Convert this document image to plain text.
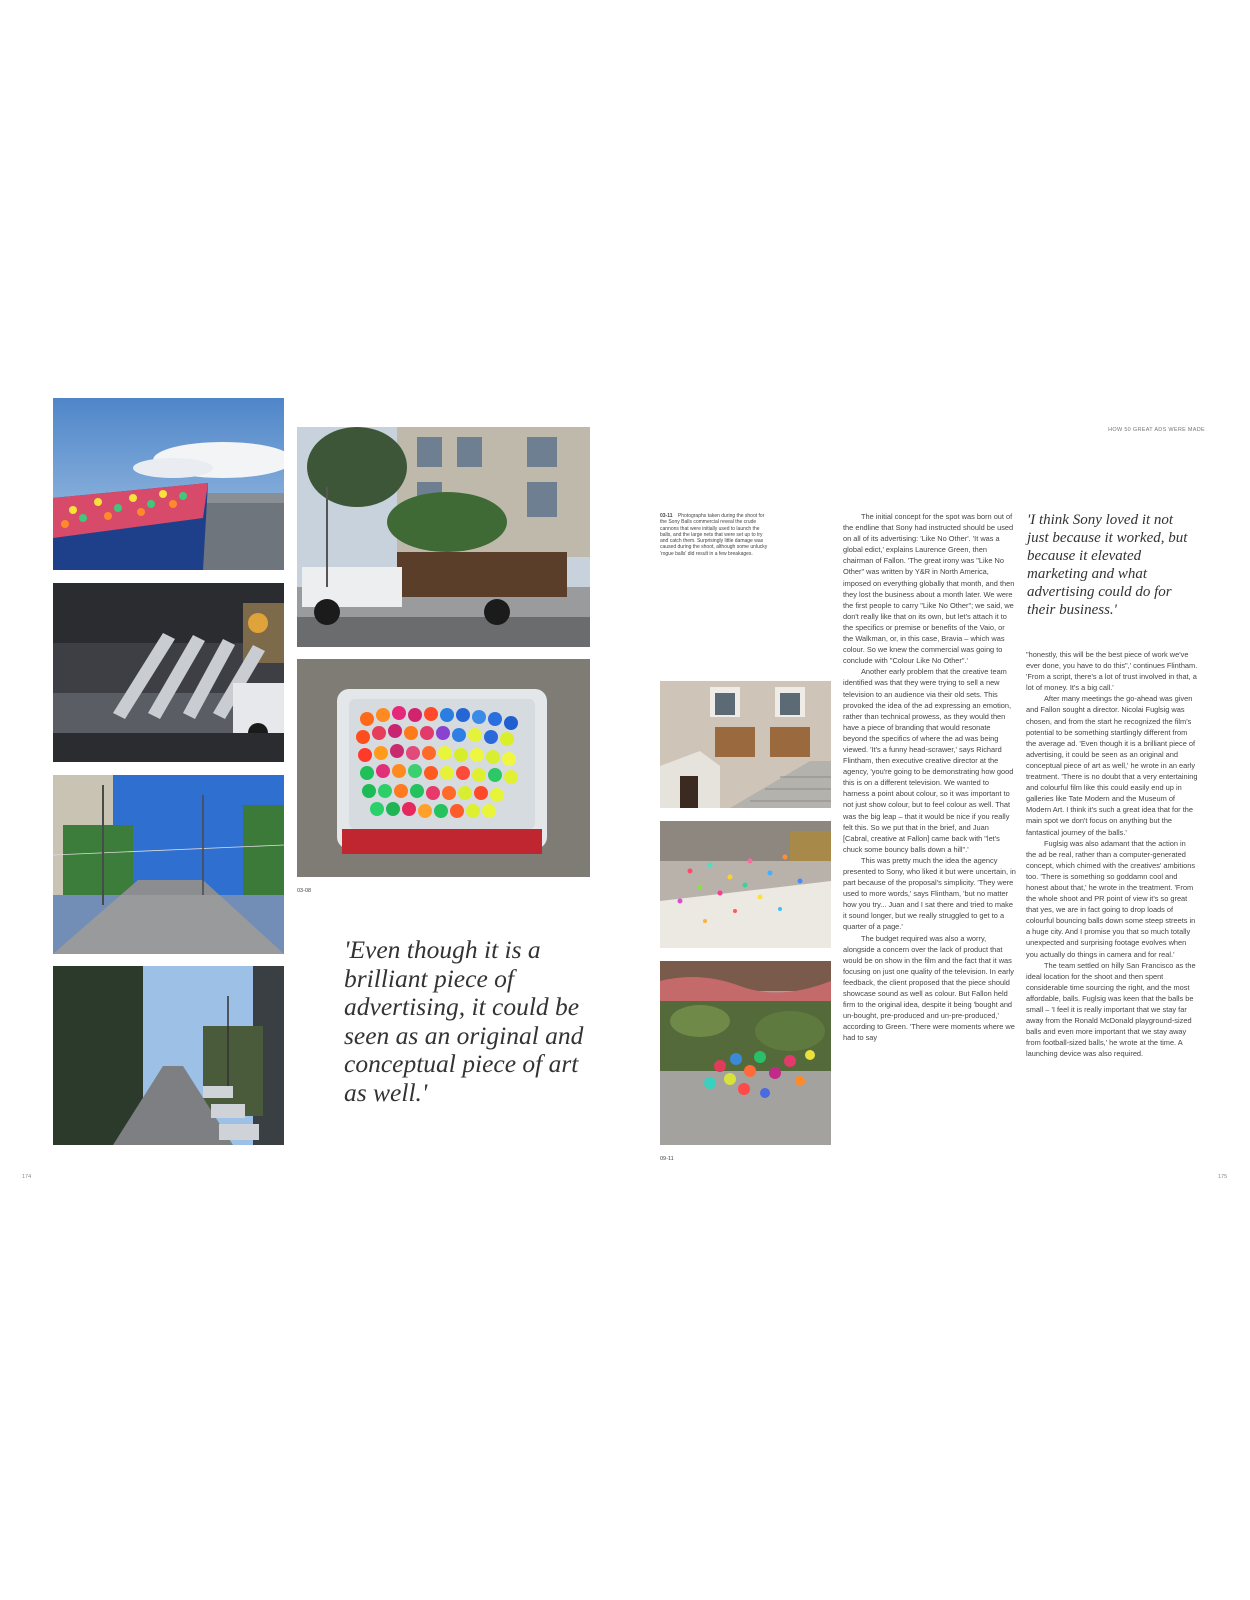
03-08
'Even though it is a brilliant piece of advertising, it could be seen as an original and conceptual piece of art as well.'
174
HOW 50 GREAT ADS WERE MADE
03-11 Photographs taken during the shoot for the Sony Balls commercial reveal the crude cannons that were initially used to launch the balls, and the large nets that were set up to try and catch them. Surprisingly little damage was caused during the shoot, although some unlucky 'rogue balls' did result in a few breakages.
09-11

The initial concept for the spot was born out of the endline that Sony had instructed should be used on all of its advertising: 'Like No Other'. 'It was a global edict,' explains Laurence Green, then chairman of Fallon. 'The great irony was "Like No Other" was written by Y&R in North America, imposed on everything globally that month, and then they lost the business about a month later. We were the first people to carry "Like No Other"; we said, we don't really like that on its own, but let's attach it to the specifics or premise or benefits of the Vaio, or the Walkman, or, in this case, Bravia – which was colour. So we knew the commercial was going to conclude with "Colour Like No Other".'

Another early problem that the creative team identified was that they were trying to sell a new television to an audience via their old sets. This provoked the idea of the ad expressing an emotion, rather than technical prowess, as they would then have a piece of branding that would resonate beyond the specifics of where the ad was being viewed. 'It's a funny head-scrawer,' says Richard Flintham, then executive creative director at the agency, 'you're going to be demonstrating how good this is on a different television. We wanted to harness a point about colour, so it was important to not just show colour, but to feel colour as well. That was the big leap – that it would be nice if you really felt this. So we put that in the brief, and Juan [Cabral, creative at Fallon] came back with "let's chuck some bouncy balls down a hill".'

This was pretty much the idea the agency presented to Sony, who liked it but were uncertain, in part because of the proposal's simplicity. 'They were used to more words,' says Flintham, 'but no matter how you try... Juan and I sat there and tried to make it sound longer, but we really struggled to get to a quarter of a page.'

The budget required was also a worry, alongside a concern over the lack of product that would be on show in the film and the fact that it was focusing on just one quality of the television. In early feedback, the client proposed that the piece should showcase sound as well as colour. But Fallon held firm to the original idea, despite it being 'bought and un-bought, pre-produced and un-pre-produced,' according to Green. 'There were moments where we had to say

'I think Sony loved it not just because it worked, but because it elevated marketing and what advertising could do for their business.'

"honestly, this will be the best piece of work we've ever done, you have to do this",' continues Flintham. 'From a script, there's a lot of trust involved in that, a lot of money. It's a big call.'

After many meetings the go-ahead was given and Fallon sought a director. Nicolai Fuglsig was chosen, and from the start he recognized the film's potential to be something startlingly different from the average ad. 'Even though it is a brilliant piece of advertising, it could be seen as an original and conceptual piece of art as well,' he wrote in an early treatment. 'There is no doubt that a very entertaining and colourful film like this could easily end up in galleries like Tate Modern and the Museum of Modern Art. I think it's such a great idea that for the main spot we don't focus on anything but the fantastical journey of the balls.'

Fuglsig was also adamant that the action in the ad be real, rather than a computer-generated concept, which chimed with the creatives' ambitions too. 'There is something so goddamn cool and honest about that,' he wrote in the treatment. 'From the whole shoot and PR point of view it's so great that yes, we are in fact going to drop loads of colourful bouncing balls down some steep streets in a huge city. And I promise you that so much totally unexpected and surprising footage evolves when you actually do things in camera and for real.'

The team settled on hilly San Francisco as the ideal location for the shoot and then spent considerable time sourcing the right, and the most affordable, balls. Fuglsig was keen that the balls be small – 'I feel it is really important that we stay far away from the Ronald McDonald playground-sized balls and even more important that we stay away from football-sized balls,' he wrote at the time. A launching device was also required.

175
